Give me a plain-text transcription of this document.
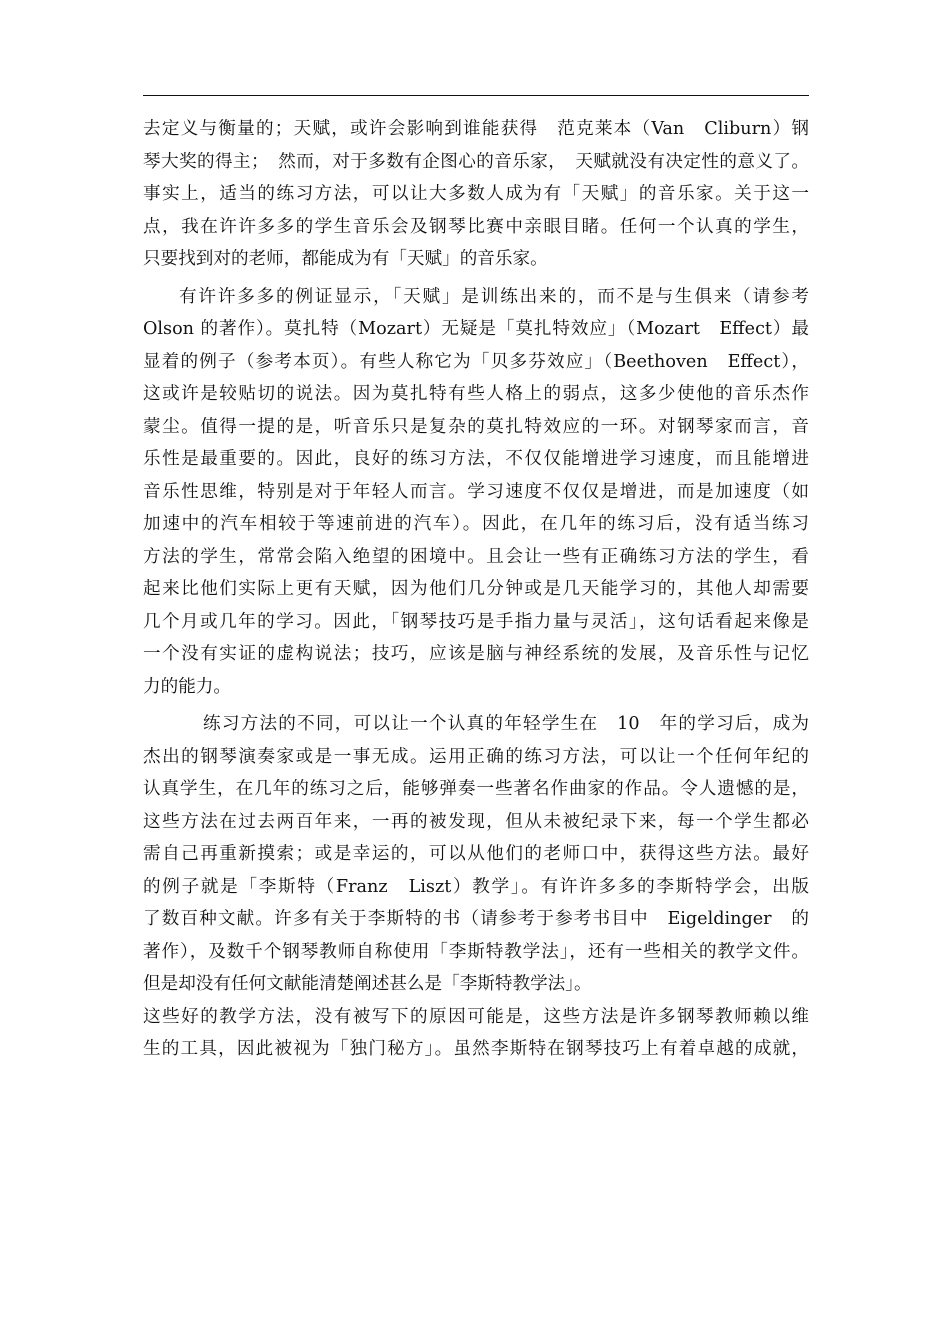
去定义与衡量的；天赋，或许会影响到谁能获得　范克莱本（Van　Cliburn）钢
琴大奖的得主；　然而，对于多数有企图心的音乐家，　天赋就没有决定性的意义了。
事实上，适当的练习方法，可以让大多数人成为有「天赋」的音乐家。关于这一
点，我在许许多多的学生音乐会及钢琴比赛中亲眼目睹。任何一个认真的学生，
只要找到对的老师，都能成为有「天赋」的音乐家。
有许许多多的例证显示，「天赋」是训练出来的，而不是与生俱来（请参考
Olson 的著作）。莫扎特（Mozart）无疑是「莫扎特效应」（Mozart　Effect）最
显着的例子（参考本页）。有些人称它为「贝多芬效应」（Beethoven　Effect），
这或许是较贴切的说法。因为莫扎特有些人格上的弱点，这多少使他的音乐杰作
蒙尘。值得一提的是，听音乐只是复杂的莫扎特效应的一环。对钢琴家而言，音
乐性是最重要的。因此，良好的练习方法，不仅仅能增进学习速度，而且能增进
音乐性思维，特别是对于年轻人而言。学习速度不仅仅是增进，而是加速度（如
加速中的汽车相较于等速前进的汽车）。因此，在几年的练习后，没有适当练习
方法的学生，常常会陷入绝望的困境中。且会让一些有正确练习方法的学生，看
起来比他们实际上更有天赋，因为他们几分钟或是几天能学习的，其他人却需要
几个月或几年的学习。因此，「钢琴技巧是手指力量与灵活」，这句话看起来像是
一个没有实证的虚构说法；技巧，应该是脑与神经系统的发展，及音乐性与记忆
力的能力。
练习方法的不同，可以让一个认真的年轻学生在　10　年的学习后，成为
杰出的钢琴演奏家或是一事无成。运用正确的练习方法，可以让一个任何年纪的
认真学生，在几年的练习之后，能够弹奏一些著名作曲家的作品。令人遗憾的是，
这些方法在过去两百年来，一再的被发现，但从未被纪录下来，每一个学生都必
需自己再重新摸索；或是幸运的，可以从他们的老师口中，获得这些方法。最好
的例子就是「李斯特（Franz　Liszt）教学」。有许许多多的李斯特学会，出版
了数百种文献。许多有关于李斯特的书（请参考于参考书目中　Eigeldinger　的
著作），及数千个钢琴教师自称使用「李斯特教学法」，还有一些相关的教学文件。
但是却没有任何文献能清楚阐述甚么是「李斯特教学法」。
这些好的教学方法，没有被写下的原因可能是，这些方法是许多钢琴教师赖以维
生的工具，因此被视为「独门秘方」。虽然李斯特在钢琴技巧上有着卓越的成就，
